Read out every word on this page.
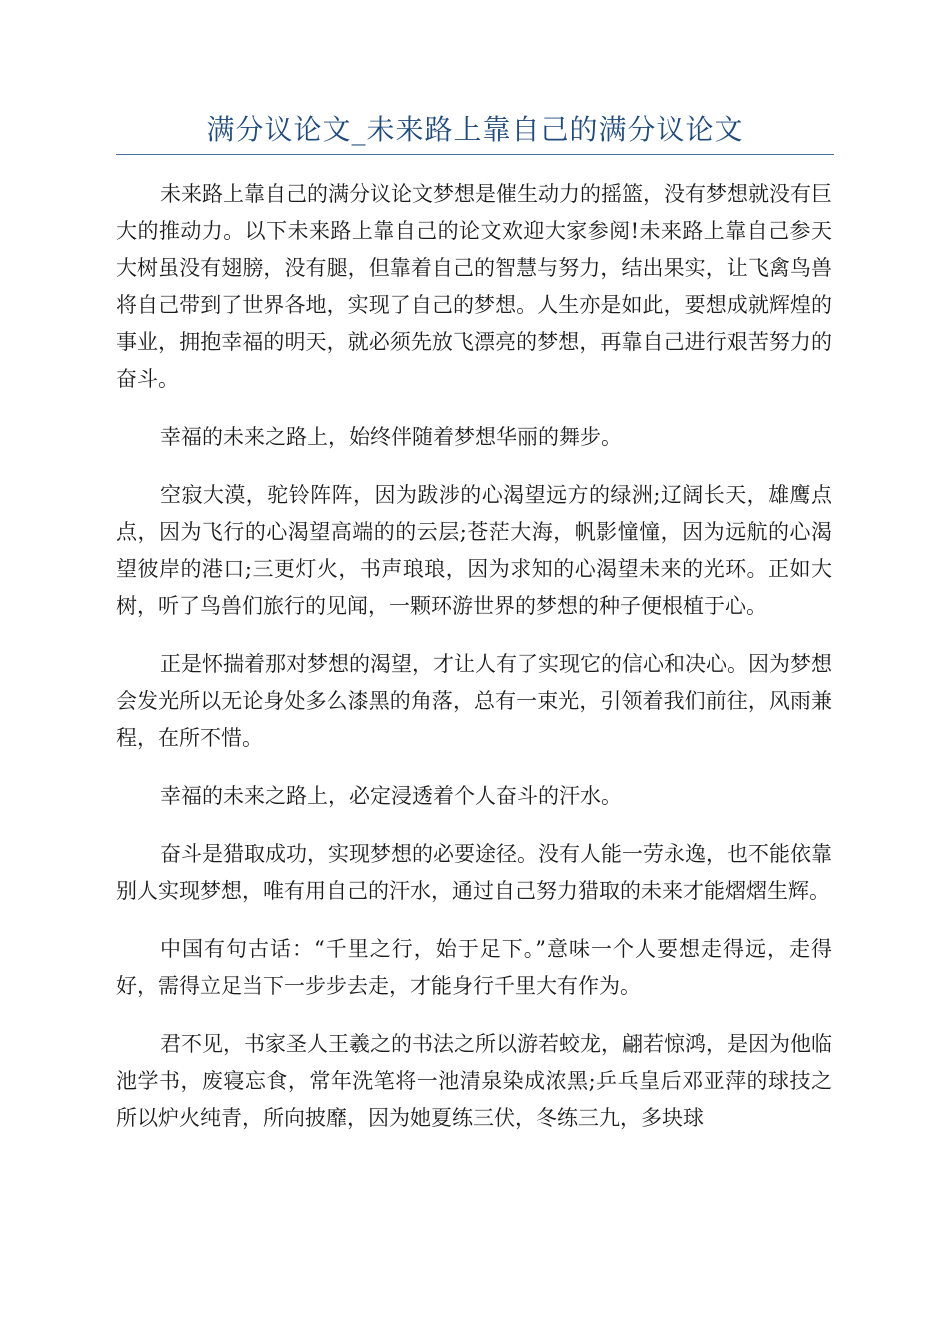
满分议论文_未来路上靠自己的满分议论文

未来路上靠自己的满分议论文梦想是催生动力的摇篮，没有梦想就没有巨大的推动力。以下未来路上靠自己的论文欢迎大家参阅!未来路上靠自己参天大树虽没有翅膀，没有腿，但靠着自己的智慧与努力，结出果实，让飞禽鸟兽将自己带到了世界各地，实现了自己的梦想。人生亦是如此，要想成就辉煌的事业，拥抱幸福的明天，就必须先放飞漂亮的梦想，再靠自己进行艰苦努力的奋斗。

幸福的未来之路上，始终伴随着梦想华丽的舞步。

空寂大漠，驼铃阵阵，因为跋涉的心渴望远方的绿洲;辽阔长天，雄鹰点点，因为飞行的心渴望高端的的云层;苍茫大海，帆影憧憧，因为远航的心渴望彼岸的港口;三更灯火，书声琅琅，因为求知的心渴望未来的光环。正如大树，听了鸟兽们旅行的见闻，一颗环游世界的梦想的种子便根植于心。

正是怀揣着那对梦想的渴望，才让人有了实现它的信心和决心。因为梦想会发光所以无论身处多么漆黑的角落，总有一束光，引领着我们前往，风雨兼程，在所不惜。

幸福的未来之路上，必定浸透着个人奋斗的汗水。

奋斗是猎取成功，实现梦想的必要途径。没有人能一劳永逸，也不能依靠别人实现梦想，唯有用自己的汗水，通过自己努力猎取的未来才能熠熠生辉。

中国有句古话：“千里之行，始于足下。”意味一个人要想走得远，走得好，需得立足当下一步步去走，才能身行千里大有作为。

君不见，书家圣人王羲之的书法之所以游若蛟龙，翩若惊鸿，是因为他临池学书，废寝忘食，常年洗笔将一池清泉染成浓黑;乒乓皇后邓亚萍的球技之所以炉火纯青，所向披靡，因为她夏练三伏，冬练三九，多块球
